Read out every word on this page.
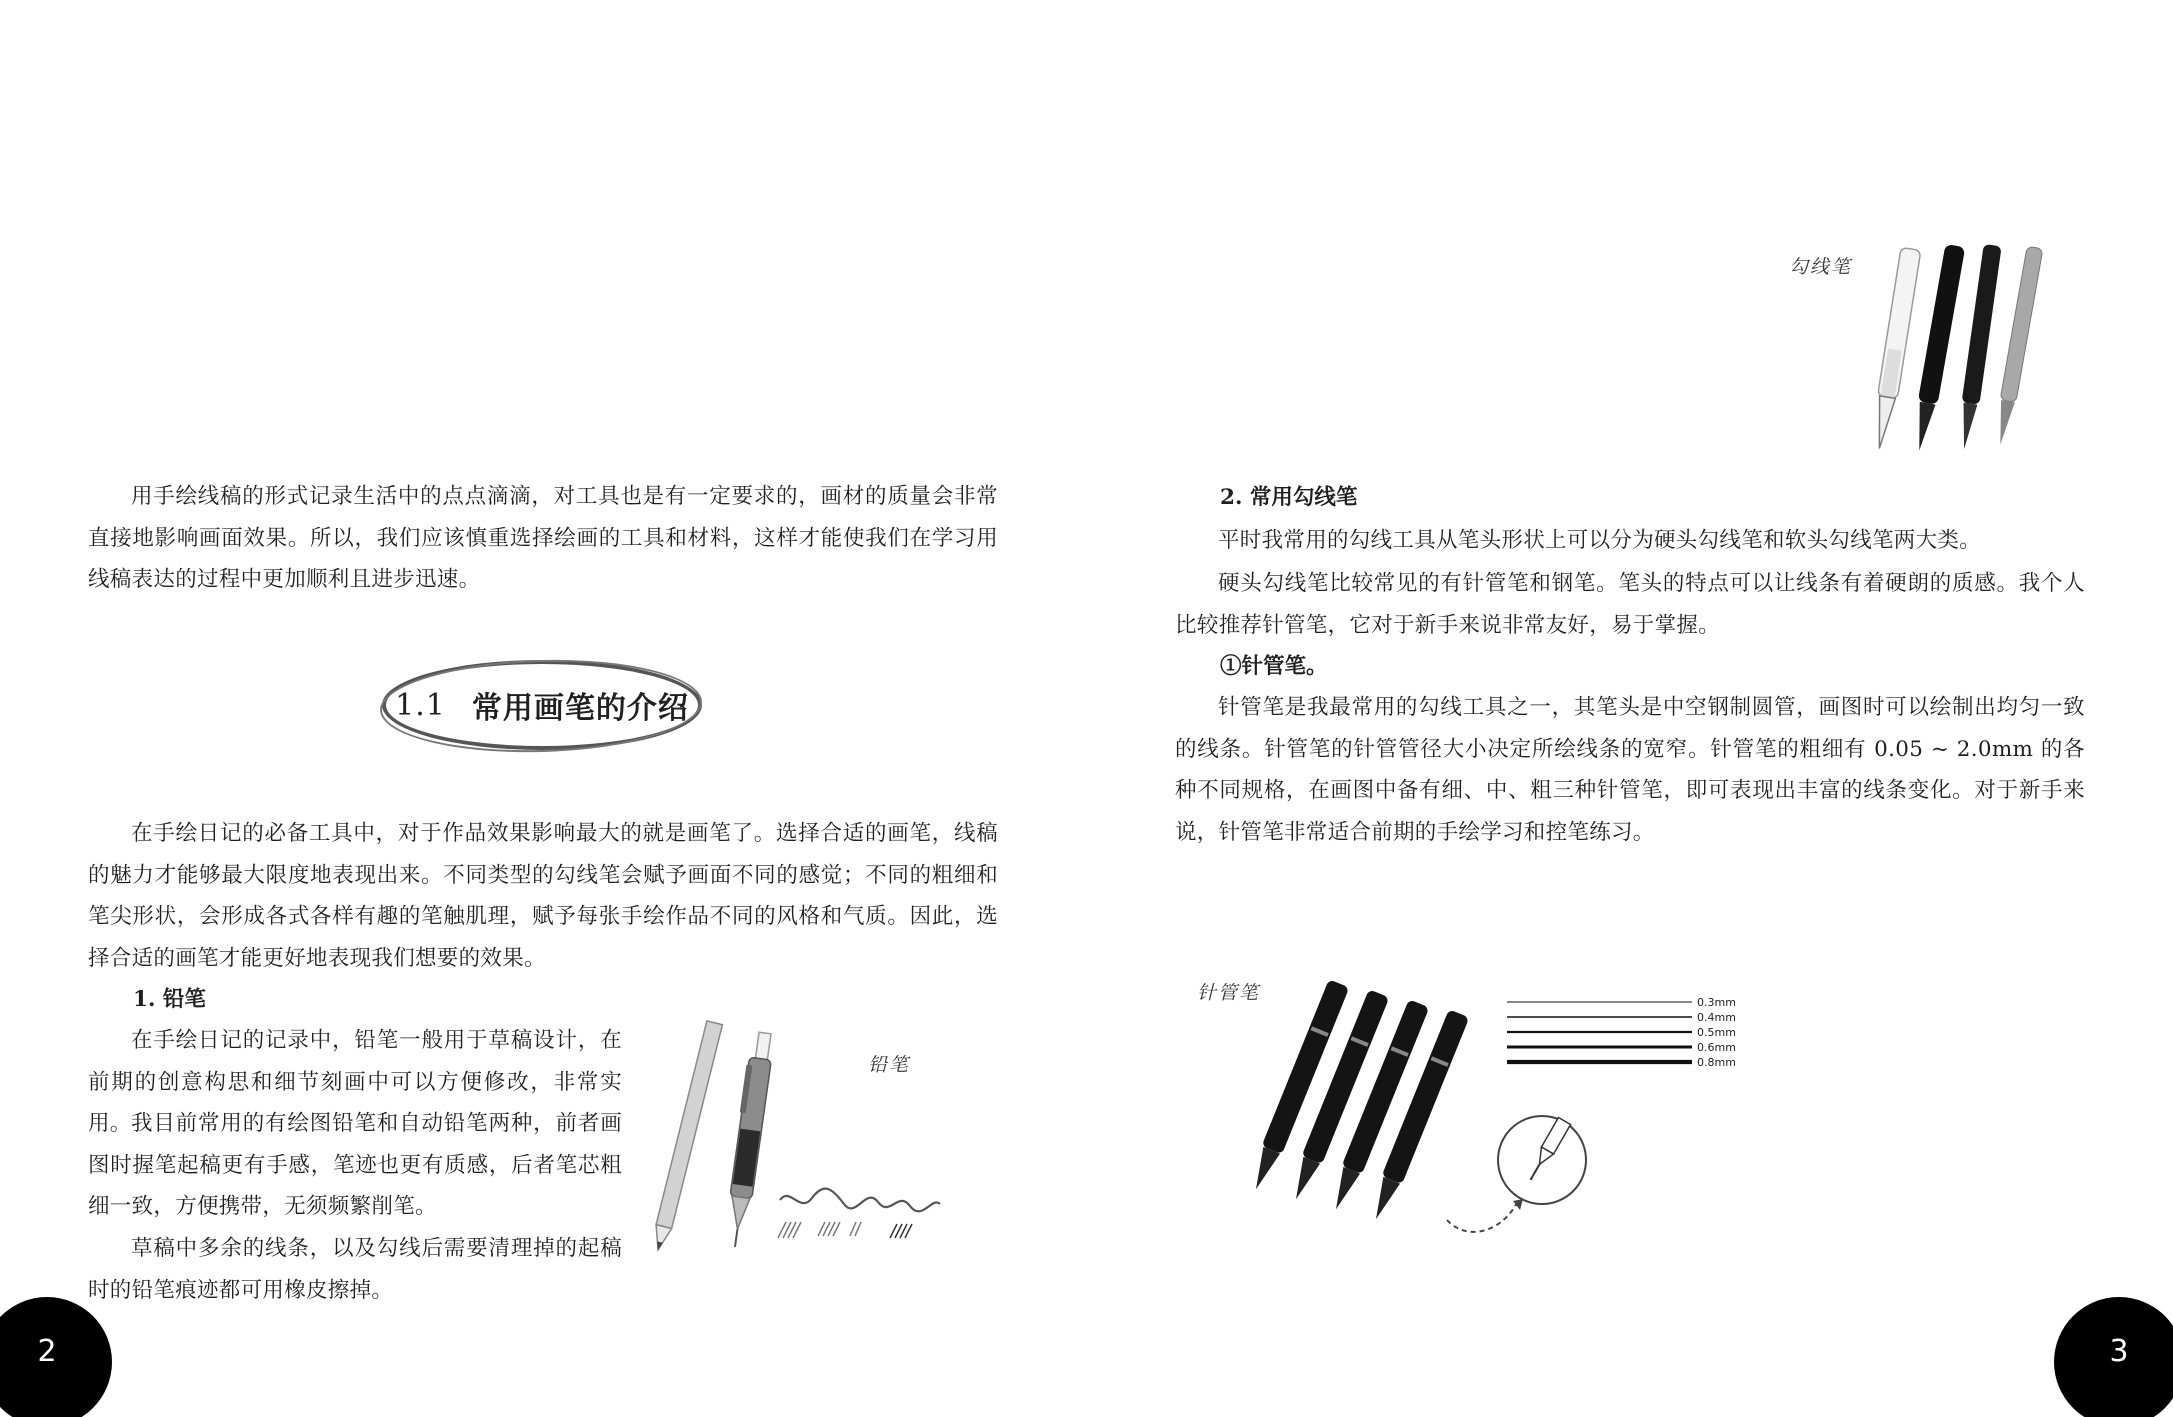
用手绘线稿的形式记录生活中的点点滴滴，对工具也是有一定要求的，画材的质量会非常直接地影响画面效果。所以，我们应该慎重选择绘画的工具和材料，这样才能使我们在学习用线稿表达的过程中更加顺利且进步迅速。

1.1 常用画笔的介绍

在手绘日记的必备工具中，对于作品效果影响最大的就是画笔了。选择合适的画笔，线稿的魅力才能够最大限度地表现出来。不同类型的勾线笔会赋予画面不同的感觉；不同的粗细和笔尖形状，会形成各式各样有趣的笔触肌理，赋予每张手绘作品不同的风格和气质。因此，选择合适的画笔才能更好地表现我们想要的效果。

1. 铅笔

在手绘日记的记录中，铅笔一般用于草稿设计，在前期的创意构思和细节刻画中可以方便修改，非常实用。 我目前常用的有绘图铅笔和自动铅笔两种，前者画图时握笔起稿更有手感，笔迹也更有质感，后者笔芯粗细一致，方便携带，无须频繁削笔。

草稿中多余的线条，以及勾线后需要清理掉的起稿时的铅笔痕迹都可用橡皮擦掉。

铅笔
2
勾线笔

2. 常用勾线笔

平时我常用的勾线工具从笔头形状上可以分为硬头勾线笔和软头勾线笔两大类。

硬头勾线笔比较常见的有针管笔和钢笔。笔头的特点可以让线条有着硬朗的质感。我个人比较推荐针管笔，它对于新手来说非常友好，易于掌握。

①针管笔。

针管笔是我最常用的勾线工具之一，其笔头是中空钢制圆管，画图时可以绘制出均匀一致的线条。针管笔的针管管径大小决定所绘线条的宽窄。针管笔的粗细有 0.05 ~ 2.0mm 的各种不同规格，在画图中备有细、中、粗三种针管笔，即可表现出丰富的线条变化。对于新手来说，针管笔非常适合前期的手绘学习和控笔练习。

针管笔	0.3mm
0.4mm
0.5mm
0.6mm
0.8mm
3
